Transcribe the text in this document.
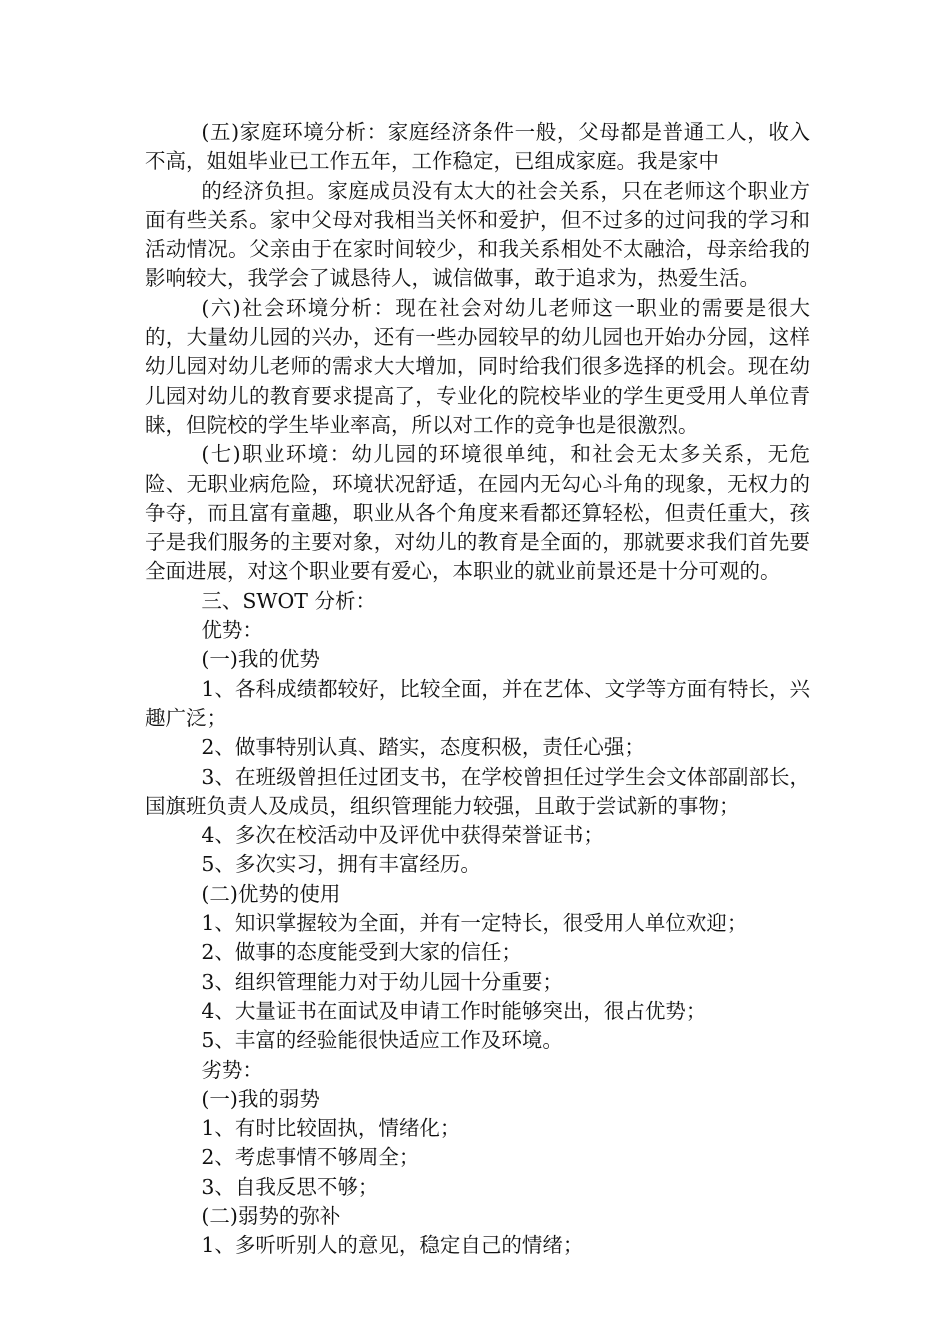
(五)家庭环境分析：家庭经济条件一般，父母都是普通工人，收入不高，姐姐毕业已工作五年，工作稳定，已组成家庭。我是家中

的经济负担。家庭成员没有太大的社会关系，只在老师这个职业方面有些关系。家中父母对我相当关怀和爱护，但不过多的过问我的学习和活动情况。父亲由于在家时间较少，和我关系相处不太融洽，母亲给我的影响较大，我学会了诚恳待人，诚信做事，敢于追求为，热爱生活。

(六)社会环境分析：现在社会对幼儿老师这一职业的需要是很大的，大量幼儿园的兴办，还有一些办园较早的幼儿园也开始办分园，这样幼儿园对幼儿老师的需求大大增加，同时给我们很多选择的机会。现在幼儿园对幼儿的教育要求提高了，专业化的院校毕业的学生更受用人单位青睐，但院校的学生毕业率高，所以对工作的竞争也是很激烈。

(七)职业环境：幼儿园的环境很单纯，和社会无太多关系，无危险、无职业病危险，环境状况舒适，在园内无勾心斗角的现象，无权力的争夺，而且富有童趣，职业从各个角度来看都还算轻松，但责任重大，孩子是我们服务的主要对象，对幼儿的教育是全面的，那就要求我们首先要全面进展，对这个职业要有爱心，本职业的就业前景还是十分可观的。

三、SWOT 分析：

优势：

(一)我的优势

1、各科成绩都较好，比较全面，并在艺体、文学等方面有特长，兴趣广泛；

2、做事特别认真、踏实，态度积极，责任心强；

3、在班级曾担任过团支书，在学校曾担任过学生会文体部副部长，国旗班负责人及成员，组织管理能力较强，且敢于尝试新的事物；

4、多次在校活动中及评优中获得荣誉证书；

5、多次实习，拥有丰富经历。

(二)优势的使用

1、知识掌握较为全面，并有一定特长，很受用人单位欢迎；

2、做事的态度能受到大家的信任；

3、组织管理能力对于幼儿园十分重要；

4、大量证书在面试及申请工作时能够突出，很占优势；

5、丰富的经验能很快适应工作及环境。

劣势：

(一)我的弱势

1、有时比较固执，情绪化；

2、考虑事情不够周全；

3、自我反思不够；

(二)弱势的弥补

1、多听听别人的意见，稳定自己的情绪；
